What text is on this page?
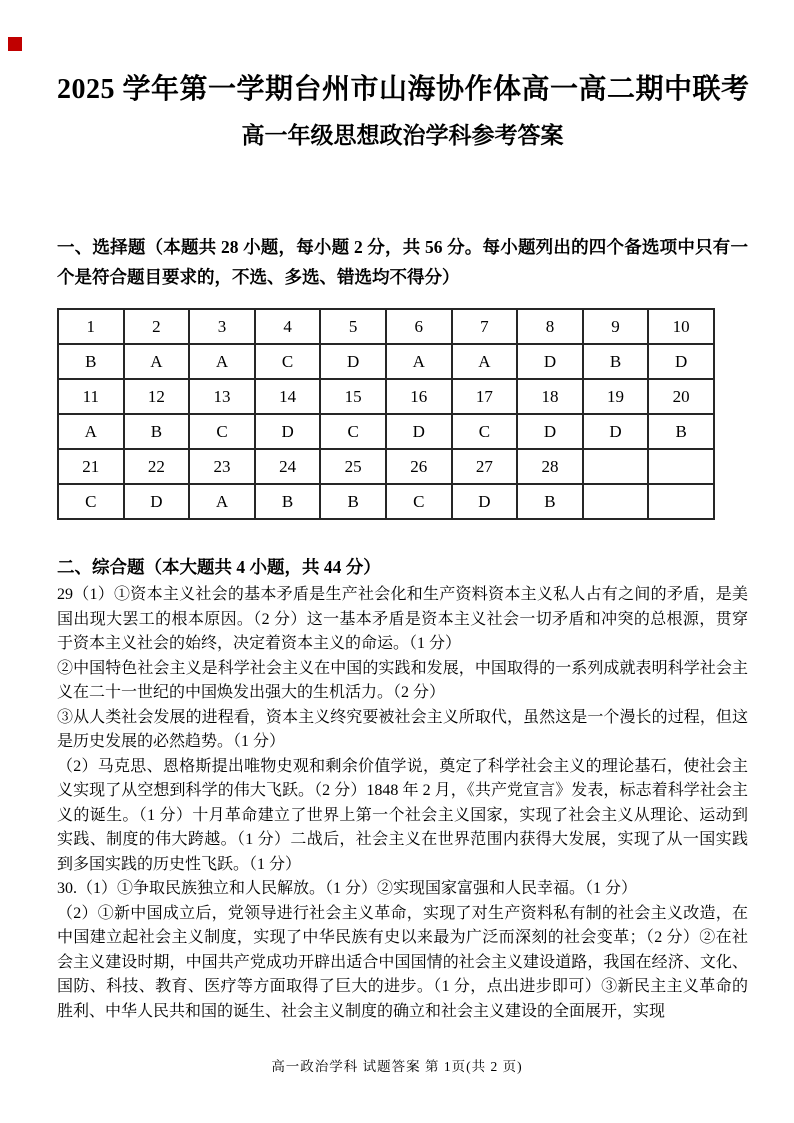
2025 学年第一学期台州市山海协作体高一高二期中联考
高一年级思想政治学科参考答案

一、选择题（本题共 28 小题，每小题 2 分，共 56 分。每小题列出的四个备选项中只有一个是符合题目要求的，不选、多选、错选均不得分）

1	2	3	4	5	6	7	8	9	10
B	A	A	C	D	A	A	D	B	D
11	12	13	14	15	16	17	18	19	20
A	B	C	D	C	D	C	D	D	B
21	22	23	24	25	26	27	28		
C	D	A	B	B	C	D	B		

二、综合题（本大题共 4 小题，共 44 分）

29（1）①资本主义社会的基本矛盾是生产社会化和生产资料资本主义私人占有之间的矛盾，是美国出现大罢工的根本原因。（2 分）这一基本矛盾是资本主义社会一切矛盾和冲突的总根源，贯穿于资本主义社会的始终，决定着资本主义的命运。（1 分）

②中国特色社会主义是科学社会主义在中国的实践和发展，中国取得的一系列成就表明科学社会主义在二十一世纪的中国焕发出强大的生机活力。（2 分）

③从人类社会发展的进程看，资本主义终究要被社会主义所取代，虽然这是一个漫长的过程，但这是历史发展的必然趋势。（1 分）

（2）马克思、恩格斯提出唯物史观和剩余价值学说，奠定了科学社会主义的理论基石，使社会主义实现了从空想到科学的伟大飞跃。（2 分）1848 年 2 月，《共产党宣言》发表，标志着科学社会主义的诞生。（1 分）十月革命建立了世界上第一个社会主义国家，实现了社会主义从理论、运动到实践、制度的伟大跨越。（1 分）二战后，社会主义在世界范围内获得大发展，实现了从一国实践到多国实践的历史性飞跃。（1 分）

30.（1）①争取民族独立和人民解放。（1 分）②实现国家富强和人民幸福。（1 分）

（2）①新中国成立后，党领导进行社会主义革命，实现了对生产资料私有制的社会主义改造，在中国建立起社会主义制度，实现了中华民族有史以来最为广泛而深刻的社会变革；（2 分）②在社会主义建设时期，中国共产党成功开辟出适合中国国情的社会主义建设道路，我国在经济、文化、国防、科技、教育、医疗等方面取得了巨大的进步。（1 分，点出进步即可）③新民主主义革命的胜利、中华人民共和国的诞生、社会主义制度的确立和社会主义建设的全面展开，实现

高一政治学科 试题答案 第 1页(共 2 页)
